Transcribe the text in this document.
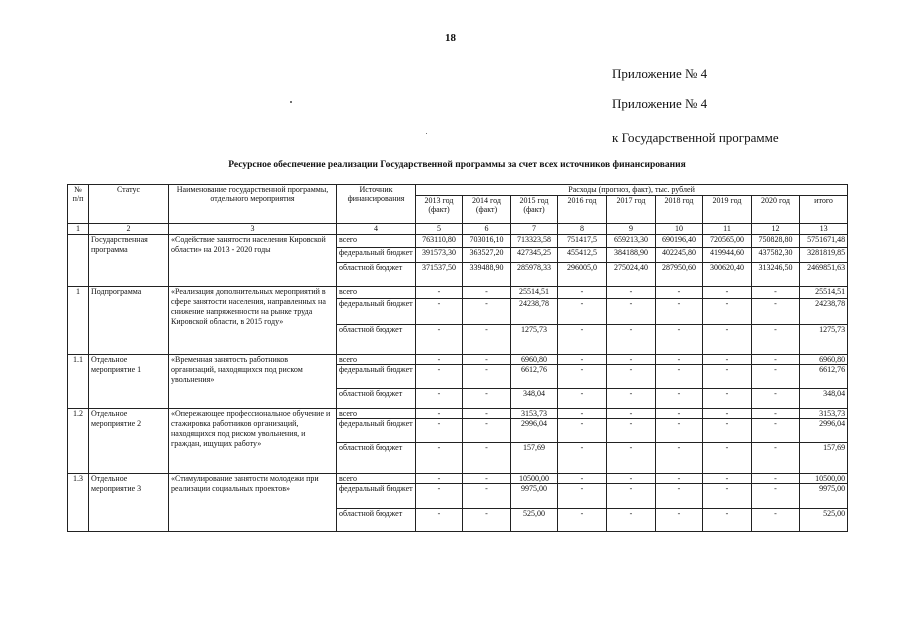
18
Приложение № 4
Приложение № 4
к Государственной программе
Ресурсное обеспечение реализации Государственной программы за счет всех источников финансирования
№ п/п	Статус	Наименование государственной программы, отдельного мероприятия	Источник финансирования	Расходы (прогноз, факт), тыс. рублей								
				2013 год (факт)	2014 год (факт)	2015 год (факт)	2016 год	2017 год	2018 год	2019 год	2020 год	итого
1	2	3	4	5	6	7	8	9	10	11	12	13
	Государственная программа	«Содействие занятости населения Кировской области» на 2013 - 2020 годы	всего	763110,80	703016,10	713323,58	751417,5	659213,30	690196,40	720565,00	750828,80	5751671,48
			федеральный бюджет	391573,30	363527,20	427345,25	455412,5	384188,90	402245,80	419944,60	437582,30	3281819,85
			областной бюджет	371537,50	339488,90	285978,33	296005,0	275024,40	287950,60	300620,40	313246,50	2469851,63
1	Подпрограмма	«Реализация дополнительных мероприятий в сфере занятости населения, направленных на снижение напряженности на рынке труда Кировской области, в 2015 году»	всего	-	-	25514,51	-	-	-	-	-	25514,51
			федеральный бюджет	-	-	24238,78	-	-	-	-	-	24238,78
			областной бюджет	-	-	1275,73	-	-	-	-	-	1275,73
1.1	Отдельное мероприятие 1	«Временная занятость работников организаций, находящихся под риском увольнения»	всего	-	-	6960,80	-	-	-	-	-	6960,80
			федеральный бюджет	-	-	6612,76	-	-	-	-	-	6612,76
			областной бюджет	-	-	348,04	-	-	-	-	-	348,04
1.2	Отдельное мероприятие 2	«Опережающее профессиональное обучение и стажировка работников организаций, находящихся под риском увольнения, и граждан, ищущих работу»	всего	-	-	3153,73	-	-	-	-	-	3153,73
			федеральный бюджет	-	-	2996,04	-	-	-	-	-	2996,04
			областной бюджет	-	-	157,69	-	-	-	-	-	157,69
1.3	Отдельное мероприятие 3	«Стимулирование занятости молодежи при реализации социальных проектов»	всего	-	-	10500,00	-	-	-	-	-	10500,00
			федеральный бюджет	-	-	9975,00	-	-	-	-	-	9975,00
			областной бюджет	-	-	525,00	-	-	-	-	-	525,00
